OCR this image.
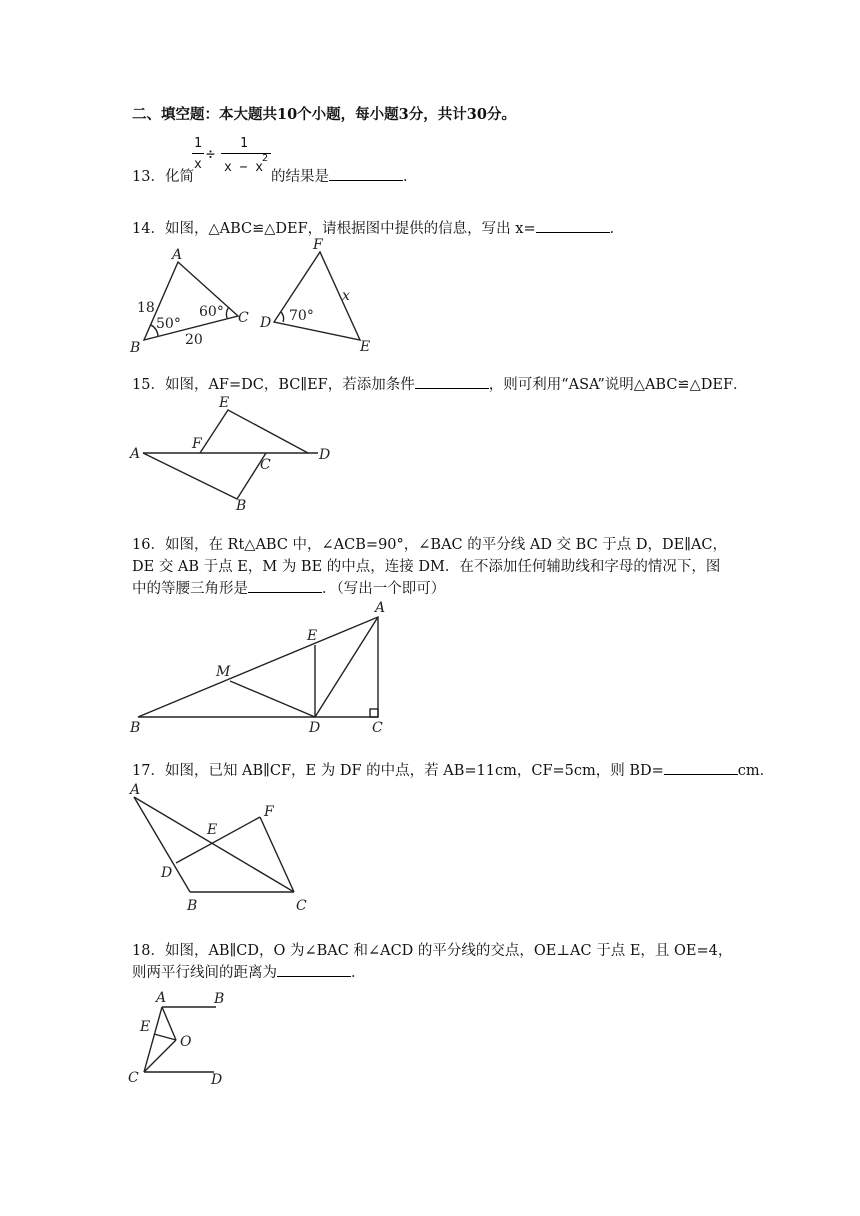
二、填空题：本大题共10个小题，每小题3分，共计30分。
1
x
÷
1
x − x
2
13．化简	的结果是	．
14．如图，△ABC≌△DEF，请根据图中提供的信息，写出 x=	．
A
B
C
18
20
50°
60°
F
D
E
70°
x
A
E
F
C
D
B
A
E
M
B	D	C
A
F
E
D
B	C
A	B
E
O
C	D
15．如图，AF=DC，BC∥EF，若添加条件	，则可利用“ASA”说明△ABC≌△DEF．
16．如图，在 Rt△ABC 中，∠ACB=90°，∠BAC 的平分线 AD 交 BC 于点 D，DE∥AC，
DE 交 AB 于点 E，M 为 BE 的中点，连接 DM．在不添加任何辅助线和字母的情况下，图
中的等腰三角形是	．（写出一个即可）
17．如图，已知 AB∥CF，E 为 DF 的中点，若 AB=11cm，CF=5cm，则 BD=	cm．
18．如图，AB∥CD，O 为∠BAC 和∠ACD 的平分线的交点，OE⊥AC 于点 E，且 OE=4，
则两平行线间的距离为	．
